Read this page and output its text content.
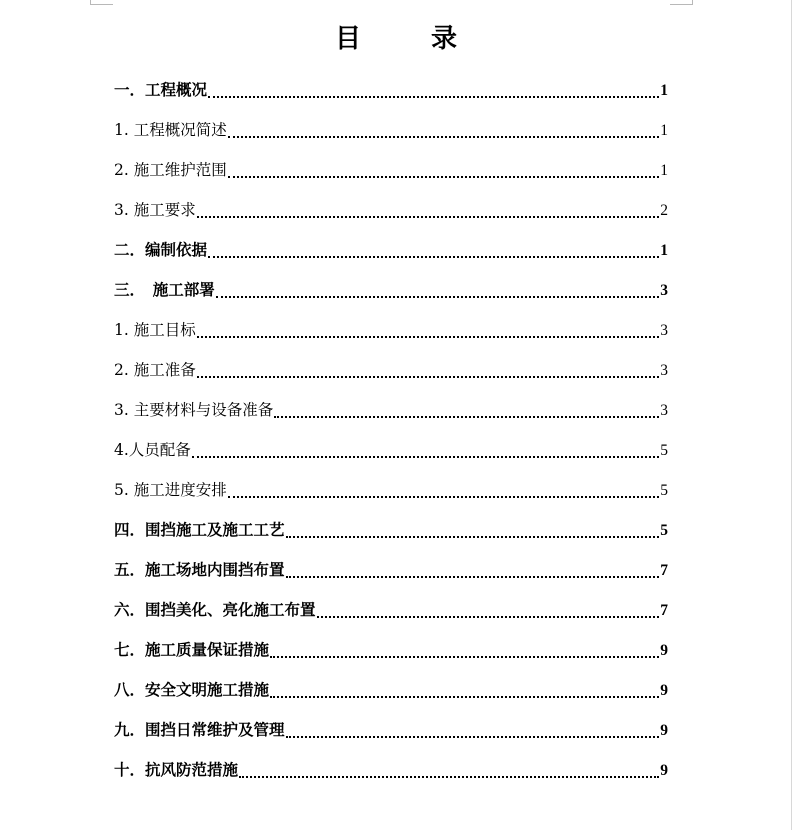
目录
一．工程概况	1
1. 工程概况简述	1
2. 施工维护范围	1
3. 施工要求	2
二．编制依据	1
三．　施工部署	3
1. 施工目标	3
2. 施工准备	3
3. 主要材料与设备准备	3
4.人员配备	5
5. 施工进度安排	5
四．围挡施工及施工工艺	5
五．施工场地内围挡布置	7
六．围挡美化、亮化施工布置	7
七．施工质量保证措施	9
八．安全文明施工措施	9
九．围挡日常维护及管理	9
十．抗风防范措施	9
